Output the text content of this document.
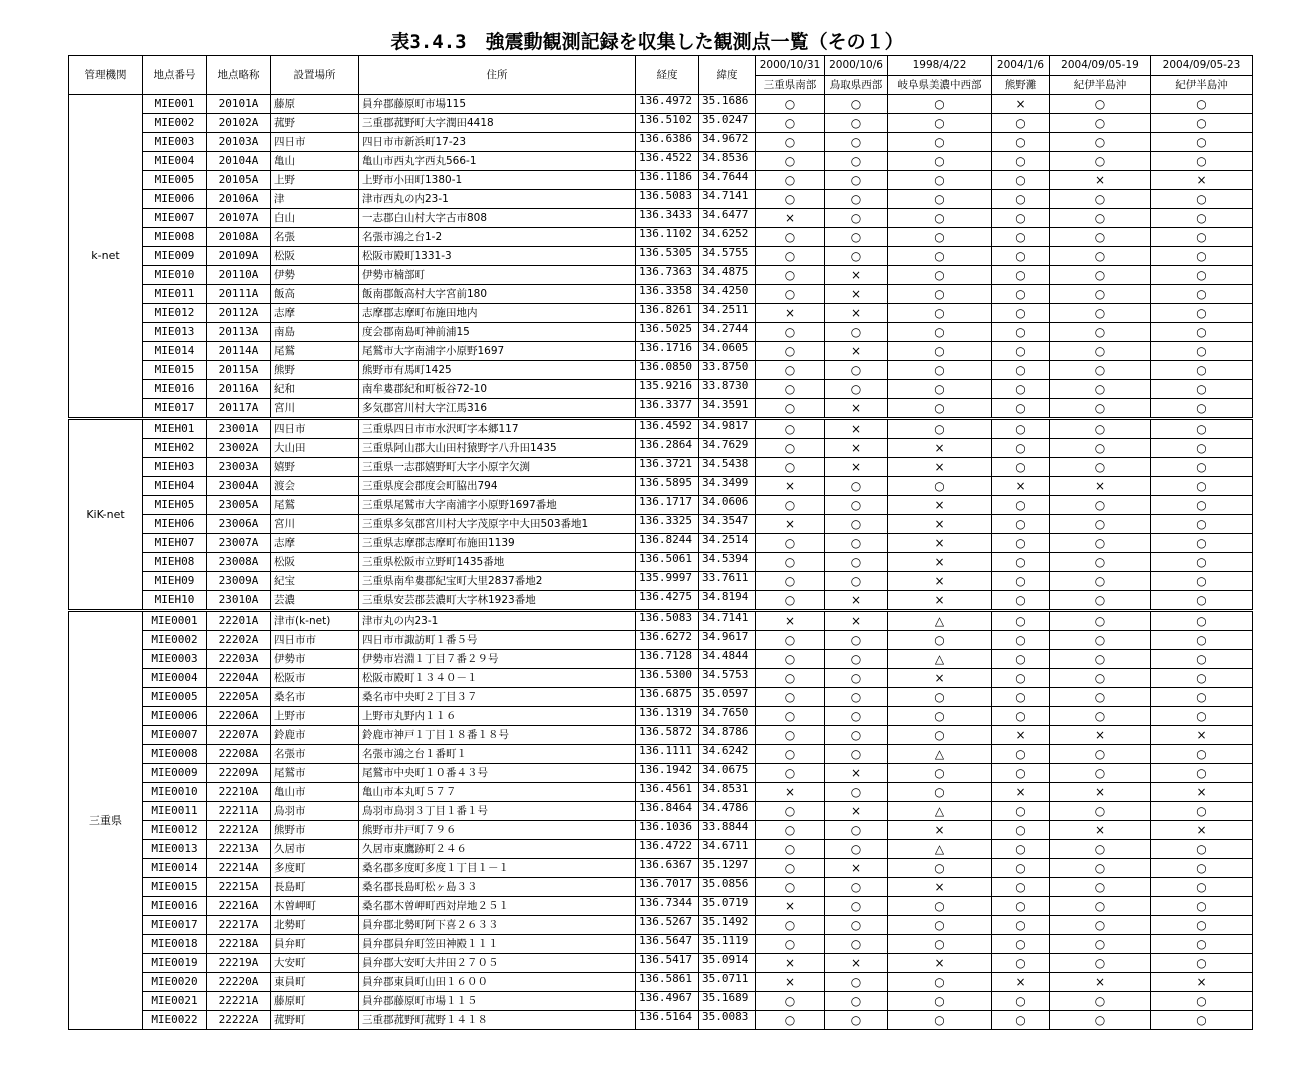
表3.4.3　強震動観測記録を収集した観測点一覧（その１）
管理機関	地点番号	地点略称	設置場所	住所	経度	緯度	2000/10/31	2000/10/6	1998/4/22	2004/1/6	2004/09/05-19	2004/09/05-23
							三重県南部	鳥取県西部	岐阜県美濃中西部	熊野灘	紀伊半島沖	紀伊半島沖
k-net	MIE001	20101A	藤原	員弁郡藤原町市場115	136.4972	35.1686	○	○	○	×	○	○
	MIE002	20102A	菰野	三重郡菰野町大字潤田4418	136.5102	35.0247	○	○	○	○	○	○
	MIE003	20103A	四日市	四日市市新浜町17-23	136.6386	34.9672	○	○	○	○	○	○
	MIE004	20104A	亀山	亀山市西丸字西丸566-1	136.4522	34.8536	○	○	○	○	○	○
	MIE005	20105A	上野	上野市小田町1380-1	136.1186	34.7644	○	○	○	○	×	×
	MIE006	20106A	津	津市西丸の内23-1	136.5083	34.7141	○	○	○	○	○	○
	MIE007	20107A	白山	一志郡白山村大字古市808	136.3433	34.6477	×	○	○	○	○	○
	MIE008	20108A	名張	名張市鴻之台1-2	136.1102	34.6252	○	○	○	○	○	○
	MIE009	20109A	松阪	松阪市殿町1331-3	136.5305	34.5755	○	○	○	○	○	○
	MIE010	20110A	伊勢	伊勢市楠部町	136.7363	34.4875	○	×	○	○	○	○
	MIE011	20111A	飯高	飯南郡飯高村大字宮前180	136.3358	34.4250	○	×	○	○	○	○
	MIE012	20112A	志摩	志摩郡志摩町布施田地内	136.8261	34.2511	×	×	○	○	○	○
	MIE013	20113A	南島	度会郡南島町神前浦15	136.5025	34.2744	○	○	○	○	○	○
	MIE014	20114A	尾鷲	尾鷲市大字南浦字小原野1697	136.1716	34.0605	○	×	○	○	○	○
	MIE015	20115A	熊野	熊野市有馬町1425	136.0850	33.8750	○	○	○	○	○	○
	MIE016	20116A	紀和	南牟婁郡紀和町板谷72-10	135.9216	33.8730	○	○	○	○	○	○
	MIE017	20117A	宮川	多気郡宮川村大字江馬316	136.3377	34.3591	○	×	○	○	○	○
KiK-net	MIEH01	23001A	四日市	三重県四日市市水沢町字本郷117	136.4592	34.9817	○	×	○	○	○	○
	MIEH02	23002A	大山田	三重県阿山郡大山田村猿野字八升田1435	136.2864	34.7629	○	×	×	○	○	○
	MIEH03	23003A	嬉野	三重県一志郡嬉野町大字小原字欠渕	136.3721	34.5438	○	×	×	○	○	○
	MIEH04	23004A	渡会	三重県度会郡度会町脇出794	136.5895	34.3499	×	○	○	×	×	○
	MIEH05	23005A	尾鷲	三重県尾鷲市大字南浦字小原野1697番地	136.1717	34.0606	○	○	×	○	○	○
	MIEH06	23006A	宮川	三重県多気郡宮川村大字茂原字中大田503番地1	136.3325	34.3547	×	○	×	○	○	○
	MIEH07	23007A	志摩	三重県志摩郡志摩町布施田1139	136.8244	34.2514	○	○	×	○	○	○
	MIEH08	23008A	松阪	三重県松阪市立野町1435番地	136.5061	34.5394	○	○	×	○	○	○
	MIEH09	23009A	紀宝	三重県南牟婁郡紀宝町大里2837番地2	135.9997	33.7611	○	○	×	○	○	○
	MIEH10	23010A	芸濃	三重県安芸郡芸濃町大字林1923番地	136.4275	34.8194	○	×	×	○	○	○
三重県	MIE0001	22201A	津市(k-net)	津市丸の内23-1	136.5083	34.7141	×	×	△	○	○	○
	MIE0002	22202A	四日市市	四日市市諏訪町１番５号	136.6272	34.9617	○	○	○	○	○	○
	MIE0003	22203A	伊勢市	伊勢市岩淵１丁目７番２９号	136.7128	34.4844	○	○	△	○	○	○
	MIE0004	22204A	松阪市	松阪市殿町１３４０－１	136.5300	34.5753	○	○	×	○	○	○
	MIE0005	22205A	桑名市	桑名市中央町２丁目３７	136.6875	35.0597	○	○	○	○	○	○
	MIE0006	22206A	上野市	上野市丸野内１１６	136.1319	34.7650	○	○	○	○	○	○
	MIE0007	22207A	鈴鹿市	鈴鹿市神戸１丁目１８番１８号	136.5872	34.8786	○	○	○	×	×	×
	MIE0008	22208A	名張市	名張市鴻之台１番町１	136.1111	34.6242	○	○	△	○	○	○
	MIE0009	22209A	尾鷲市	尾鷲市中央町１０番４３号	136.1942	34.0675	○	×	○	○	○	○
	MIE0010	22210A	亀山市	亀山市本丸町５７７	136.4561	34.8531	×	○	○	×	×	×
	MIE0011	22211A	鳥羽市	鳥羽市鳥羽３丁目１番１号	136.8464	34.4786	○	×	△	○	○	○
	MIE0012	22212A	熊野市	熊野市井戸町７９６	136.1036	33.8844	○	○	×	○	×	×
	MIE0013	22213A	久居市	久居市東鷹跡町２４６	136.4722	34.6711	○	○	△	○	○	○
	MIE0014	22214A	多度町	桑名郡多度町多度１丁目１－１	136.6367	35.1297	○	×	○	○	○	○
	MIE0015	22215A	長島町	桑名郡長島町松ヶ島３３	136.7017	35.0856	○	○	×	○	○	○
	MIE0016	22216A	木曽岬町	桑名郡木曽岬町西対岸地２５１	136.7344	35.0719	×	○	○	○	○	○
	MIE0017	22217A	北勢町	員弁郡北勢町阿下喜２６３３	136.5267	35.1492	○	○	○	○	○	○
	MIE0018	22218A	員弁町	員弁郡員弁町笠田神殿１１１	136.5647	35.1119	○	○	○	○	○	○
	MIE0019	22219A	大安町	員弁郡大安町大井田２７０５	136.5417	35.0914	×	×	×	○	○	○
	MIE0020	22220A	東員町	員弁郡東員町山田１６００	136.5861	35.0711	×	○	○	×	×	×
	MIE0021	22221A	藤原町	員弁郡藤原町市場１１５	136.4967	35.1689	○	○	○	○	○	○
	MIE0022	22222A	菰野町	三重郡菰野町菰野１４１８	136.5164	35.0083	○	○	○	○	○	○
